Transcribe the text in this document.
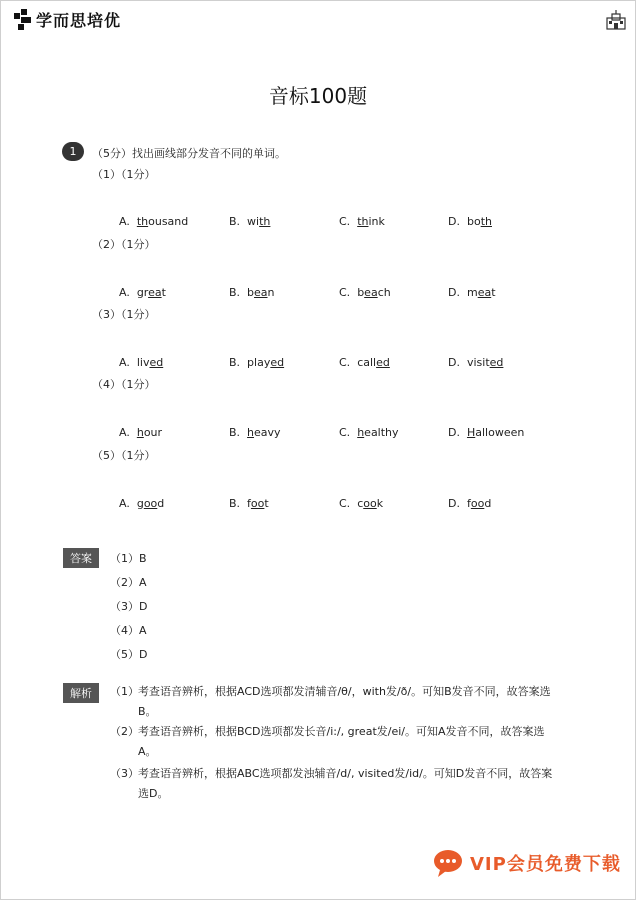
学而思培优
音标100题
1	（5分）找出画线部分发音不同的单词。
（1）（1分）
A. thousand	B. with	C. think	D. both
（2）（1分）
A. great	B. bean	C. beach	D. meat
（3）（1分）
A. lived	B. played	C. called	D. visited
（4）（1分）
A. hour	B. heavy	C. healthy	D. Halloween
（5）（1分）
A. good	B. foot	C. cook	D. food
答案	（1）B
（2）A
（3）D
（4）A
（5）D
解析	（1） 考查语音辨析，根据ACD选项都发清辅音/θ/，with发/ð/。可知B发音不同，故答案选B。
（2） 考查语音辨析，根据BCD选项都发长音/i:/, great发/ei/。可知A发音不同，故答案选A。
（3） 考查语音辨析，根据ABC选项都发浊辅音/d/, visited发/id/。可知D发音不同，故答案选D。
VIP会员免费下载
